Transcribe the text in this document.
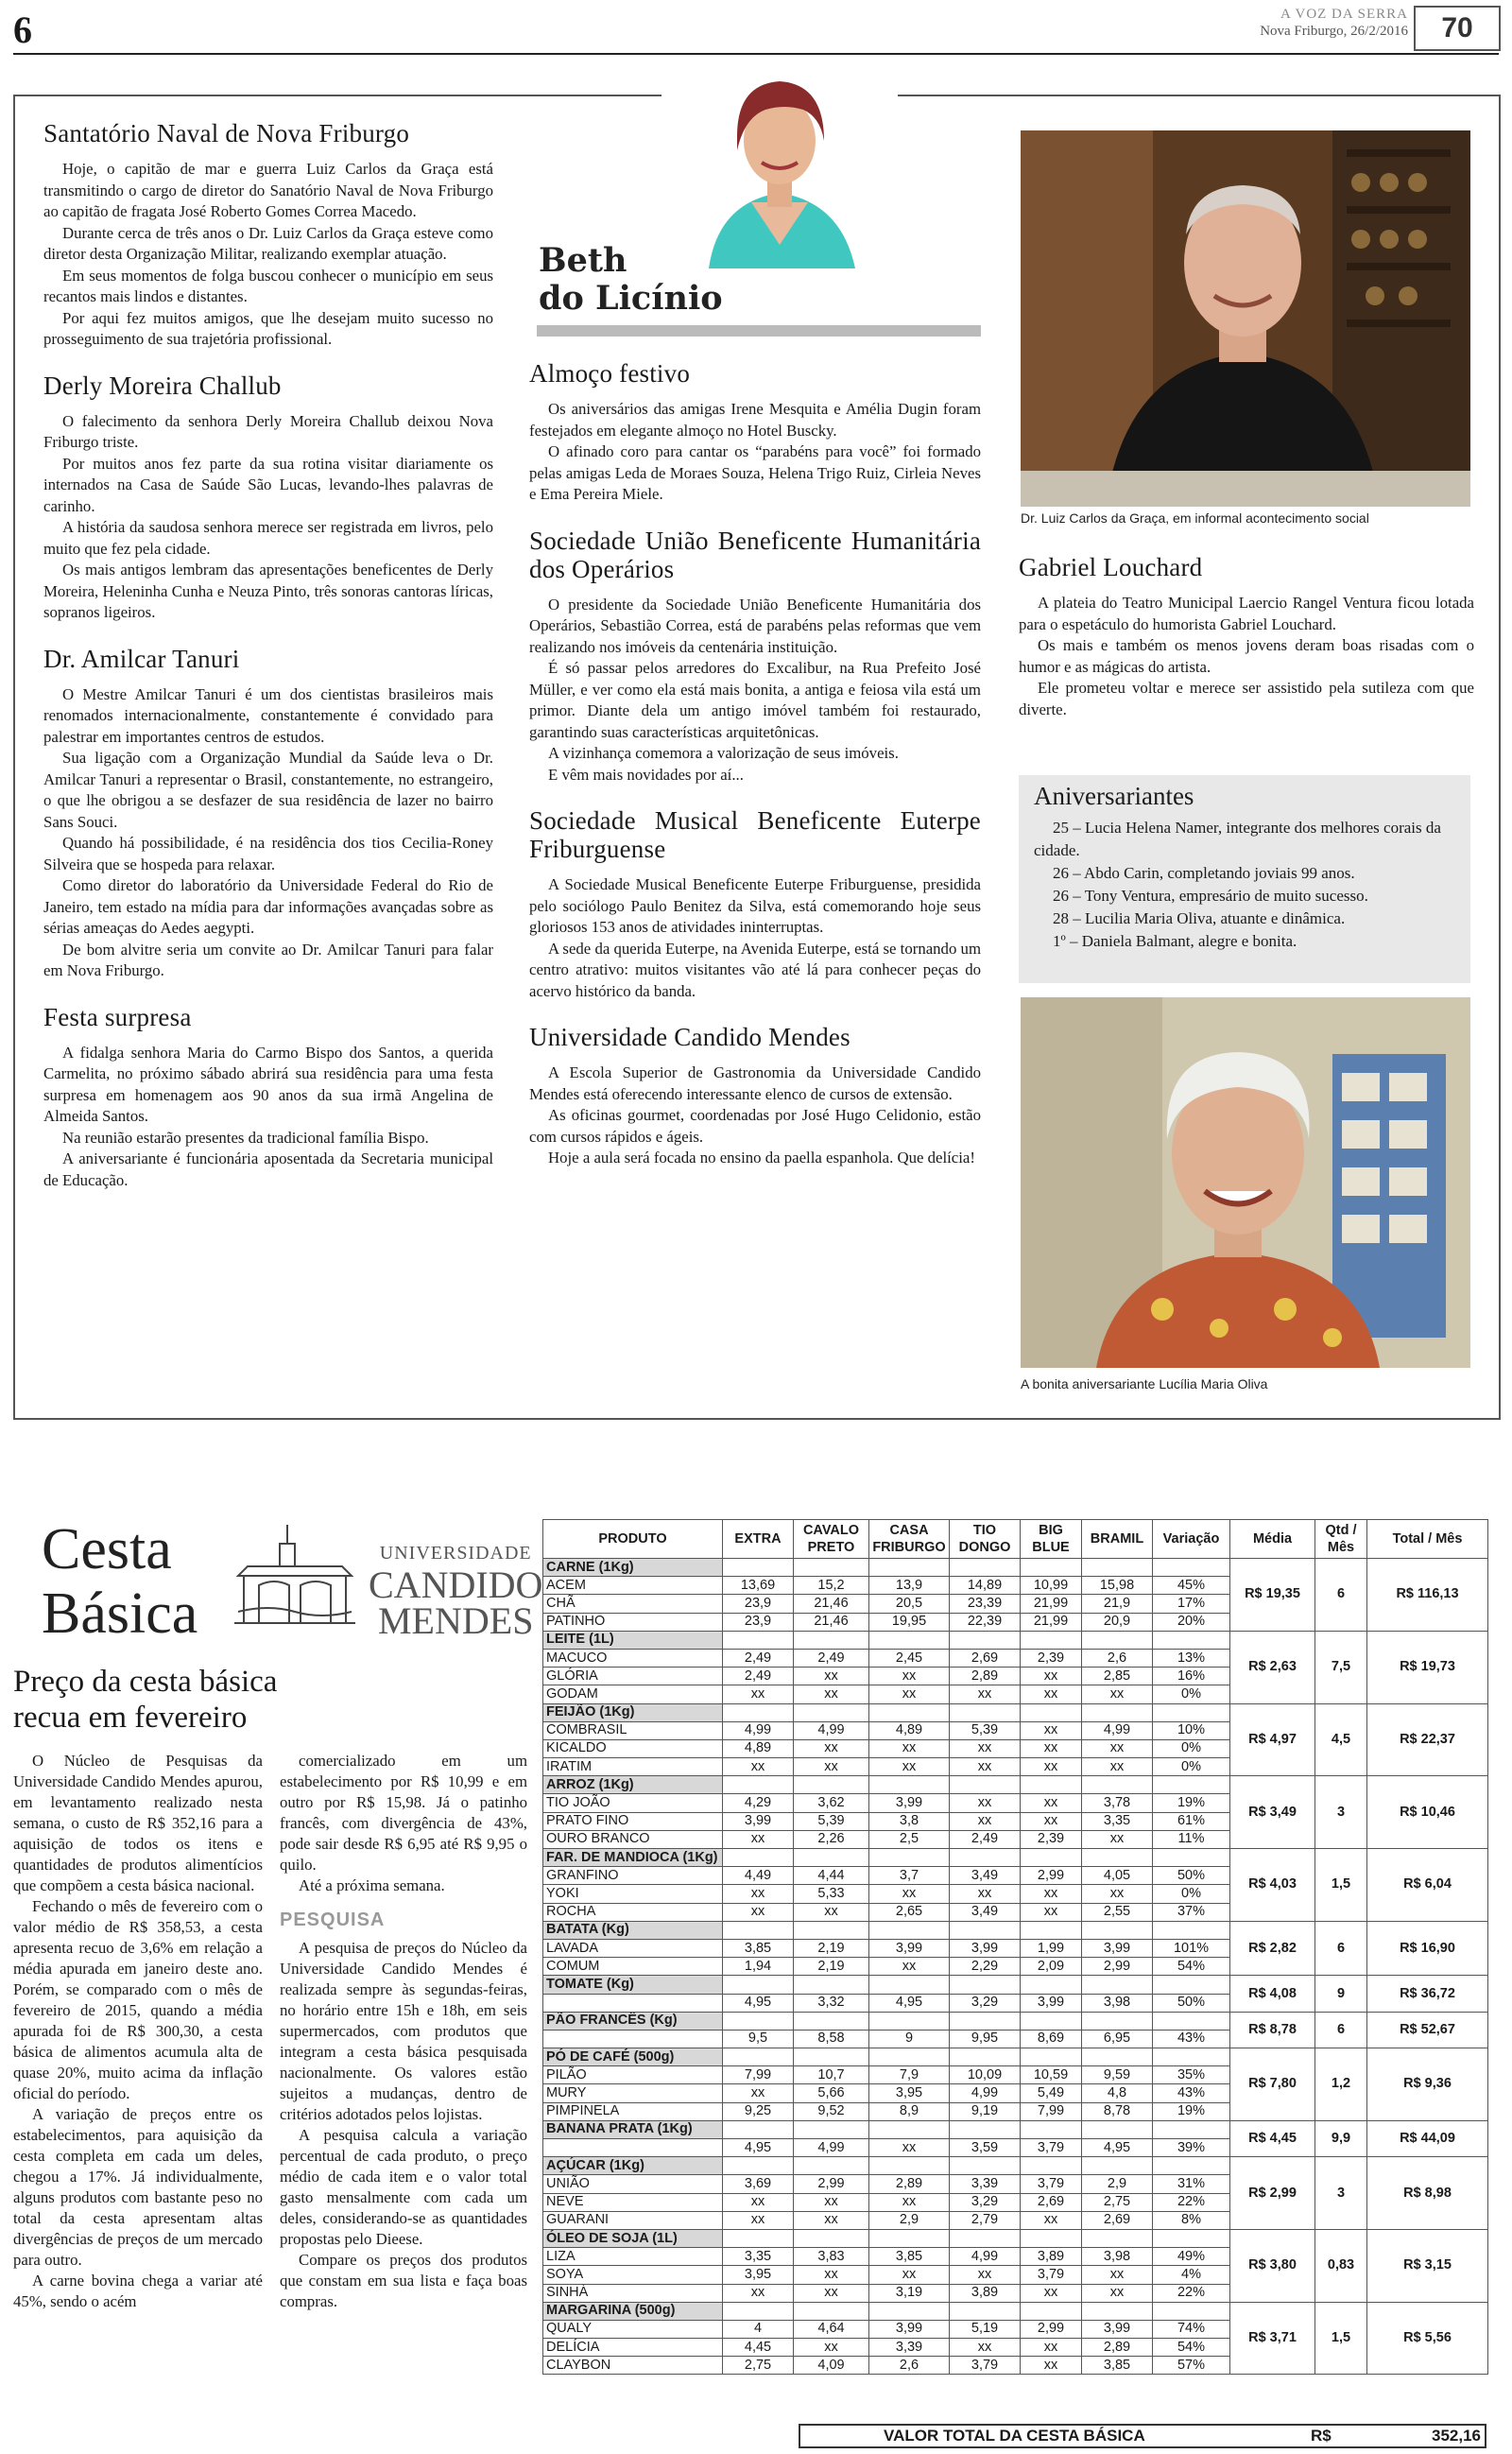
6	A VOZ DA SERRA
Nova Friburgo, 26/2/2016	70
Santatório Naval de Nova Friburgo

Hoje, o capitão de mar e guerra Luiz Carlos da Graça está transmitindo o cargo de diretor do Sanatório Naval de Nova Friburgo ao capitão de fragata José Roberto Gomes Correa Macedo.

Durante cerca de três anos o Dr. Luiz Carlos da Graça esteve como diretor desta Organização Militar, realizando exemplar atuação.

Em seus momentos de folga buscou conhecer o município em seus recantos mais lindos e distantes.

Por aqui fez muitos amigos, que lhe desejam muito sucesso no prosseguimento de sua trajetória profissional.

Derly Moreira Challub

O falecimento da senhora Derly Moreira Challub deixou Nova Friburgo triste.

Por muitos anos fez parte da sua rotina visitar diariamente os internados na Casa de Saúde São Lucas, levando-lhes palavras de carinho.

A história da saudosa senhora merece ser registrada em livros, pelo muito que fez pela cidade.

Os mais antigos lembram das apresentações beneficentes de Derly Moreira, Heleninha Cunha e Neuza Pinto, três sonoras cantoras líricas, sopranos ligeiros.

Dr. Amilcar Tanuri

O Mestre Amilcar Tanuri é um dos cientistas brasileiros mais renomados internacionalmente, constantemente é convidado para palestrar em importantes centros de estudos.

Sua ligação com a Organização Mundial da Saúde leva o Dr. Amilcar Tanuri a representar o Brasil, constantemente, no estrangeiro, o que lhe obrigou a se desfazer de sua residência de lazer no bairro Sans Souci.

Quando há possibilidade, é na residência dos tios Cecilia-Roney Silveira que se hospeda para relaxar.

Como diretor do laboratório da Universidade Federal do Rio de Janeiro, tem estado na mídia para dar informações avançadas sobre as sérias ameaças do Aedes aegypti.

De bom alvitre seria um convite ao Dr. Amilcar Tanuri para falar em Nova Friburgo.

Festa surpresa

A fidalga senhora Maria do Carmo Bispo dos Santos, a querida Carmelita, no próximo sábado abrirá sua residência para uma festa surpresa em homenagem aos 90 anos da sua irmã Angelina de Almeida Santos.

Na reunião estarão presentes da tradicional família Bispo.

A aniversariante é funcionária aposentada da Secretaria municipal de Educação.

Beth
do Licínio
Almoço festivo

Os aniversários das amigas Irene Mesquita e Amélia Dugin foram festejados em elegante almoço no Hotel Buscky.

O afinado coro para cantar os “parabéns para você” foi formado pelas amigas Leda de Moraes Souza, Helena Trigo Ruiz, Cirleia Neves e Ema Pereira Miele.

Sociedade União Beneficente Humanitária dos Operários

O presidente da Sociedade União Beneficente Humanitária dos Operários, Sebastião Correa, está de parabéns pelas reformas que vem realizando nos imóveis da centenária instituição.

É só passar pelos arredores do Excalibur, na Rua Prefeito José Müller, e ver como ela está mais bonita, a antiga e feiosa vila está um primor. Diante dela um antigo imóvel também foi restaurado, garantindo suas características arquitetônicas.

A vizinhança comemora a valorização de seus imóveis.

E vêm mais novidades por aí...

Sociedade Musical Beneficente Euterpe Friburguense

A Sociedade Musical Beneficente Euterpe Friburguense, presidida pelo sociólogo Paulo Benitez da Silva, está comemorando hoje seus gloriosos 153 anos de atividades ininterruptas.

A sede da querida Euterpe, na Avenida Euterpe, está se tornando um centro atrativo: muitos visitantes vão até lá para conhecer peças do acervo histórico da banda.

Universidade Candido Mendes

A Escola Superior de Gastronomia da Universidade Candido Mendes está oferecendo interessante elenco de cursos de extensão.

As oficinas gourmet, coordenadas por José Hugo Celidonio, estão com cursos rápidos e ágeis.

Hoje a aula será focada no ensino da paella espanhola. Que delícia!

Dr. Luiz Carlos da Graça, em informal acontecimento social
Gabriel Louchard

A plateia do Teatro Municipal Laercio Rangel Ventura ficou lotada para o espetáculo do humorista Gabriel Louchard.

Os mais e também os menos jovens deram boas risadas com o humor e as mágicas do artista.

Ele prometeu voltar e merece ser assistido pela sutileza com que diverte.

Aniversariantes

25 – Lucia Helena Namer, integrante dos melhores corais da cidade.

26 – Abdo Carin, completando joviais 99 anos.

26 – Tony Ventura, empresário de muito sucesso.

28 – Lucilia Maria Oliva, atuante e dinâmica.

1º – Daniela Balmant, alegre e bonita.

A bonita aniversariante Lucília Maria Oliva
Cesta
Básica
UNIVERSIDADE
CANDIDO
MENDES
Preço da cesta básica
recua em fevereiro

O Núcleo de Pesquisas da Universidade Candido Mendes apurou, em levantamento realizado nesta semana, o custo de R$ 352,16 para a aquisição de todos os itens e quantidades de produtos alimentícios que compõem a cesta básica nacional.

Fechando o mês de fevereiro com o valor médio de R$ 358,53, a cesta apresenta recuo de 3,6% em relação a média apurada em janeiro deste ano. Porém, se comparado com o mês de fevereiro de 2015, quando a média apurada foi de R$ 300,30, a cesta básica de alimentos acumula alta de quase 20%, muito acima da inflação oficial do período.

A variação de preços entre os estabelecimentos, para aquisição da cesta completa em cada um deles, chegou a 17%. Já individualmente, alguns produtos com bastante peso no total da cesta apresentam altas divergências de preços de um mercado para outro.

A carne bovina chega a variar até 45%, sendo o acém

comercializado em um estabelecimento por R$ 10,99 e em outro por R$ 15,98. Já o patinho francês, com divergência de 43%, pode sair desde R$ 6,95 até R$ 9,95 o quilo.

Até a próxima semana.

PESQUISA

A pesquisa de preços do Núcleo da Universidade Candido Mendes é realizada sempre às segundas-feiras, no horário entre 15h e 18h, em seis supermercados, com produtos que integram a cesta básica pesquisada nacionalmente. Os valores estão sujeitos a mudanças, dentro de critérios adotados pelos lojistas.

A pesquisa calcula a variação percentual de cada produto, o preço médio de cada item e o valor total gasto mensalmente com cada um deles, considerando-se as quantidades propostas pelo Dieese.

Compare os preços dos produtos que constam em sua lista e faça boas compras.

PRODUTO	EXTRA	CAVALO PRETO	CASA FRIBURGO	TIO DONGO	BIG BLUE	BRAMIL	Variação	Média	Qtd / Mês	Total / Mês
CARNE (1Kg)								R$ 19,35	6	R$ 116,13
ACEM	13,69	15,2	13,9	14,89	10,99	15,98	45%			
CHÃ	23,9	21,46	20,5	23,39	21,99	21,9	17%			
PATINHO	23,9	21,46	19,95	22,39	21,99	20,9	20%			
LEITE (1L)								R$ 2,63	7,5	R$ 19,73
MACUCO	2,49	2,49	2,45	2,69	2,39	2,6	13%			
GLÓRIA	2,49	xx	xx	2,89	xx	2,85	16%			
GODAM	xx	xx	xx	xx	xx	xx	0%			
FEIJÃO (1Kg)								R$ 4,97	4,5	R$ 22,37
COMBRASIL	4,99	4,99	4,89	5,39	xx	4,99	10%			
KICALDO	4,89	xx	xx	xx	xx	xx	0%			
IRATIM	xx	xx	xx	xx	xx	xx	0%			
ARROZ (1Kg)								R$ 3,49	3	R$ 10,46
TIO JOÃO	4,29	3,62	3,99	xx	xx	3,78	19%			
PRATO FINO	3,99	5,39	3,8	xx	xx	3,35	61%			
OURO BRANCO	xx	2,26	2,5	2,49	2,39	xx	11%			
FAR. DE MANDIOCA (1Kg)								R$ 4,03	1,5	R$ 6,04
GRANFINO	4,49	4,44	3,7	3,49	2,99	4,05	50%			
YOKI	xx	5,33	xx	xx	xx	xx	0%			
ROCHA	xx	xx	2,65	3,49	xx	2,55	37%			
BATATA (Kg)								R$ 2,82	6	R$ 16,90
LAVADA	3,85	2,19	3,99	3,99	1,99	3,99	101%			
COMUM	1,94	2,19	xx	2,29	2,09	2,99	54%			
TOMATE (Kg)								R$ 4,08	9	R$ 36,72
	4,95	3,32	4,95	3,29	3,99	3,98	50%			
PÃO FRANCÊS (Kg)								R$ 8,78	6	R$ 52,67
	9,5	8,58	9	9,95	8,69	6,95	43%			
PÓ DE CAFÉ (500g)								R$ 7,80	1,2	R$ 9,36
PILÃO	7,99	10,7	7,9	10,09	10,59	9,59	35%			
MURY	xx	5,66	3,95	4,99	5,49	4,8	43%			
PIMPINELA	9,25	9,52	8,9	9,19	7,99	8,78	19%			
BANANA PRATA (1Kg)								R$ 4,45	9,9	R$ 44,09
	4,95	4,99	xx	3,59	3,79	4,95	39%			
AÇÚCAR (1Kg)								R$ 2,99	3	R$ 8,98
UNIÃO	3,69	2,99	2,89	3,39	3,79	2,9	31%			
NEVE	xx	xx	xx	3,29	2,69	2,75	22%			
GUARANI	xx	xx	2,9	2,79	xx	2,69	8%			
ÓLEO DE SOJA (1L)								R$ 3,80	0,83	R$ 3,15
LIZA	3,35	3,83	3,85	4,99	3,89	3,98	49%			
SOYA	3,95	xx	xx	xx	3,79	xx	4%			
SINHÁ	xx	xx	3,19	3,89	xx	xx	22%			
MARGARINA (500g)								R$ 3,71	1,5	R$ 5,56
QUALY	4	4,64	3,99	5,19	2,99	3,99	74%			
DELÍCIA	4,45	xx	3,39	xx	xx	2,89	54%			
CLAYBON	2,75	4,09	2,6	3,79	xx	3,85	57%			
VALOR TOTAL DA CESTA BÁSICA	R$	352,16
